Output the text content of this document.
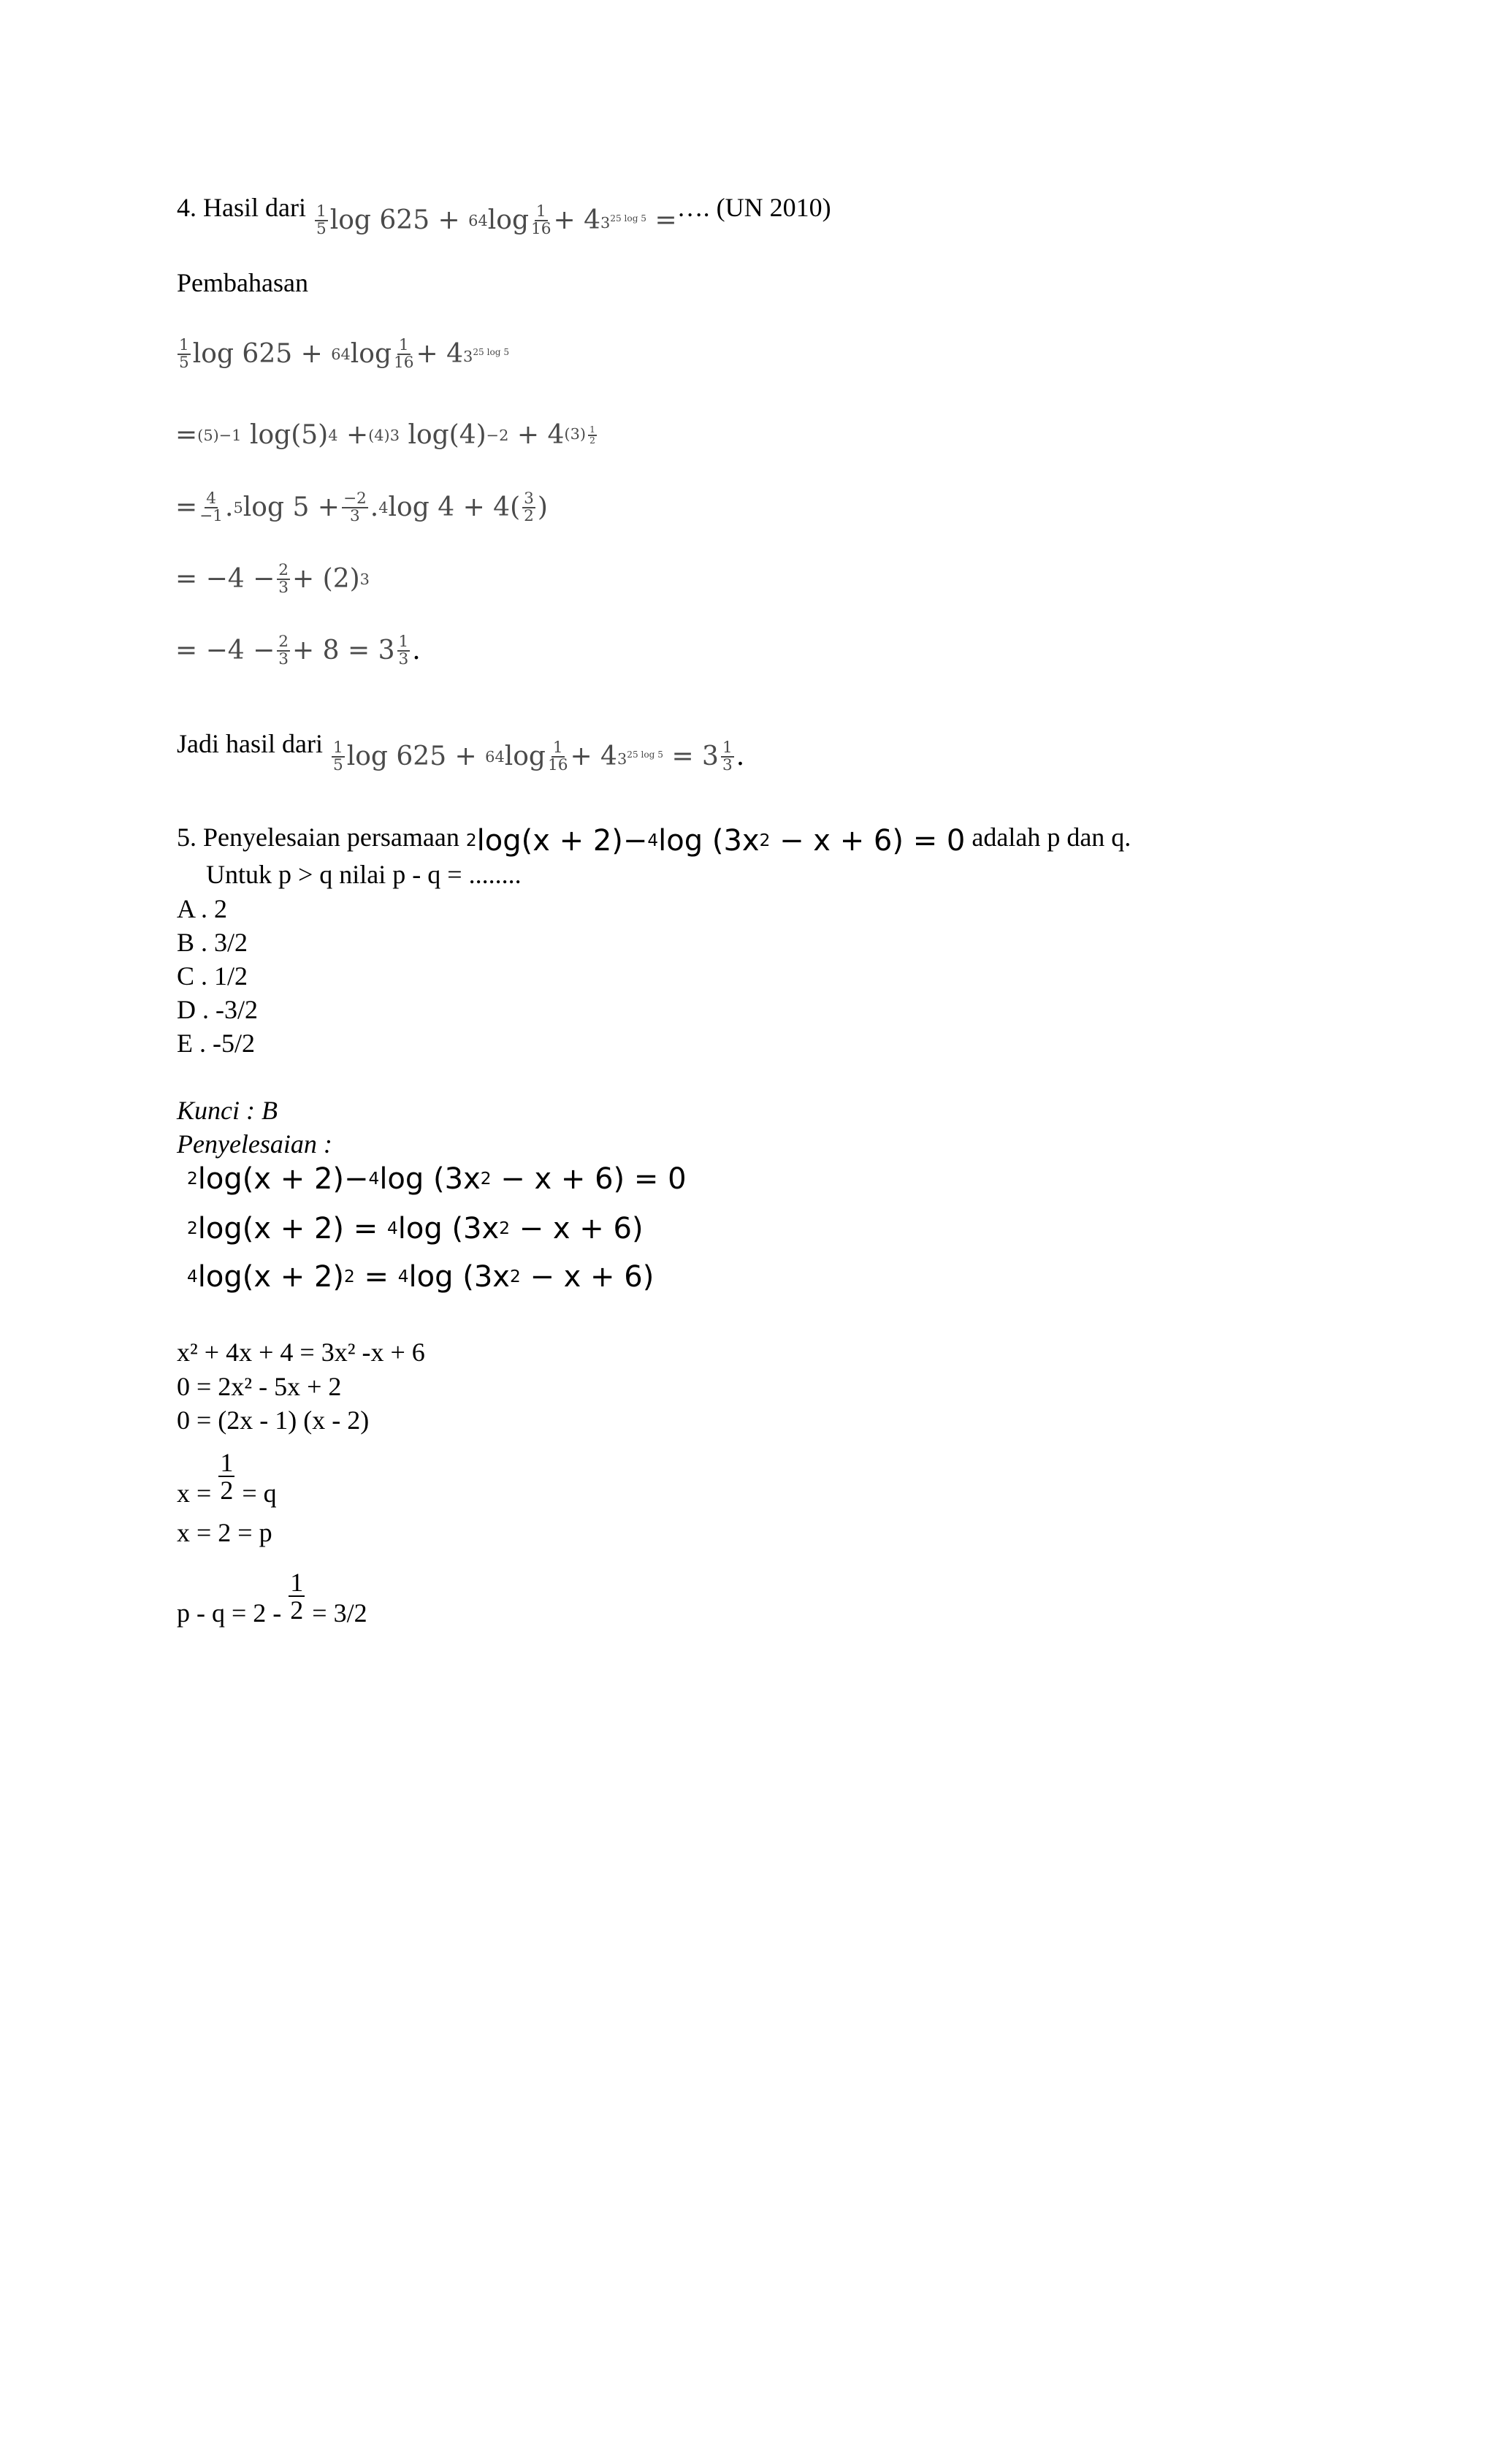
4. Hasil dari $\frac{1}{5}$ log 625 +
64 $\log \frac{1}{16} + 4$ $3^{25 log 5}$
= …. (UN 2010)
Pembahasan
$\frac{1}{5}$ log 625 +
64 $\log \frac{1}{16} + 4$ $3^{25 log 5}$
= (5)−1
log(5) 4
+ (4)3
log(4) −2
+ 4 $(3) \frac{1}{2}$
= $\frac{4}{-1}$ . 5 $\log 5 + \frac{-2}{3}$ . 4 log 4 + 4 ( $\frac{3}{2}$ )
= $-4 - \frac{2}{3} + (2)$ 3
= $-4 - \frac{2}{3} + 8 = 3 \frac{1}{3}$ .
Jadi hasil dari $\frac{1}{5}$ log 625 +
64 $\log \frac{1}{16} + 4$ $3^{25 log 5}$
= $3 \frac{1}{3}$ .
5. Penyelesaian persamaan 2 log (x + 2)− 4 log
(3x 2
− x + 6)
= 0 adalah p dan q.
Untuk p > q nilai p - q = ........
A . 2
B . 3/2
C . 1/2
D . -3/2
E . -5/2
Kunci : B
Penyelesaian :
2 log (x + 2)− 4 log
(3x 2
− x + 6)
= 0
2 log (x + 2) =
4 log
(3x 2
− x + 6)
4 log (x + 2) 2
=
4 log
(3x 2
− x + 6)
x² + 4x + 4 = 3x² -x + 6
0 = 2x² - 5x + 2
0 = (2x - 1) (x - 2)
$x = \frac{1}{2} = q$
x = 2 = p
$p - q = 2 - \frac{1}{2} = 3/2$
